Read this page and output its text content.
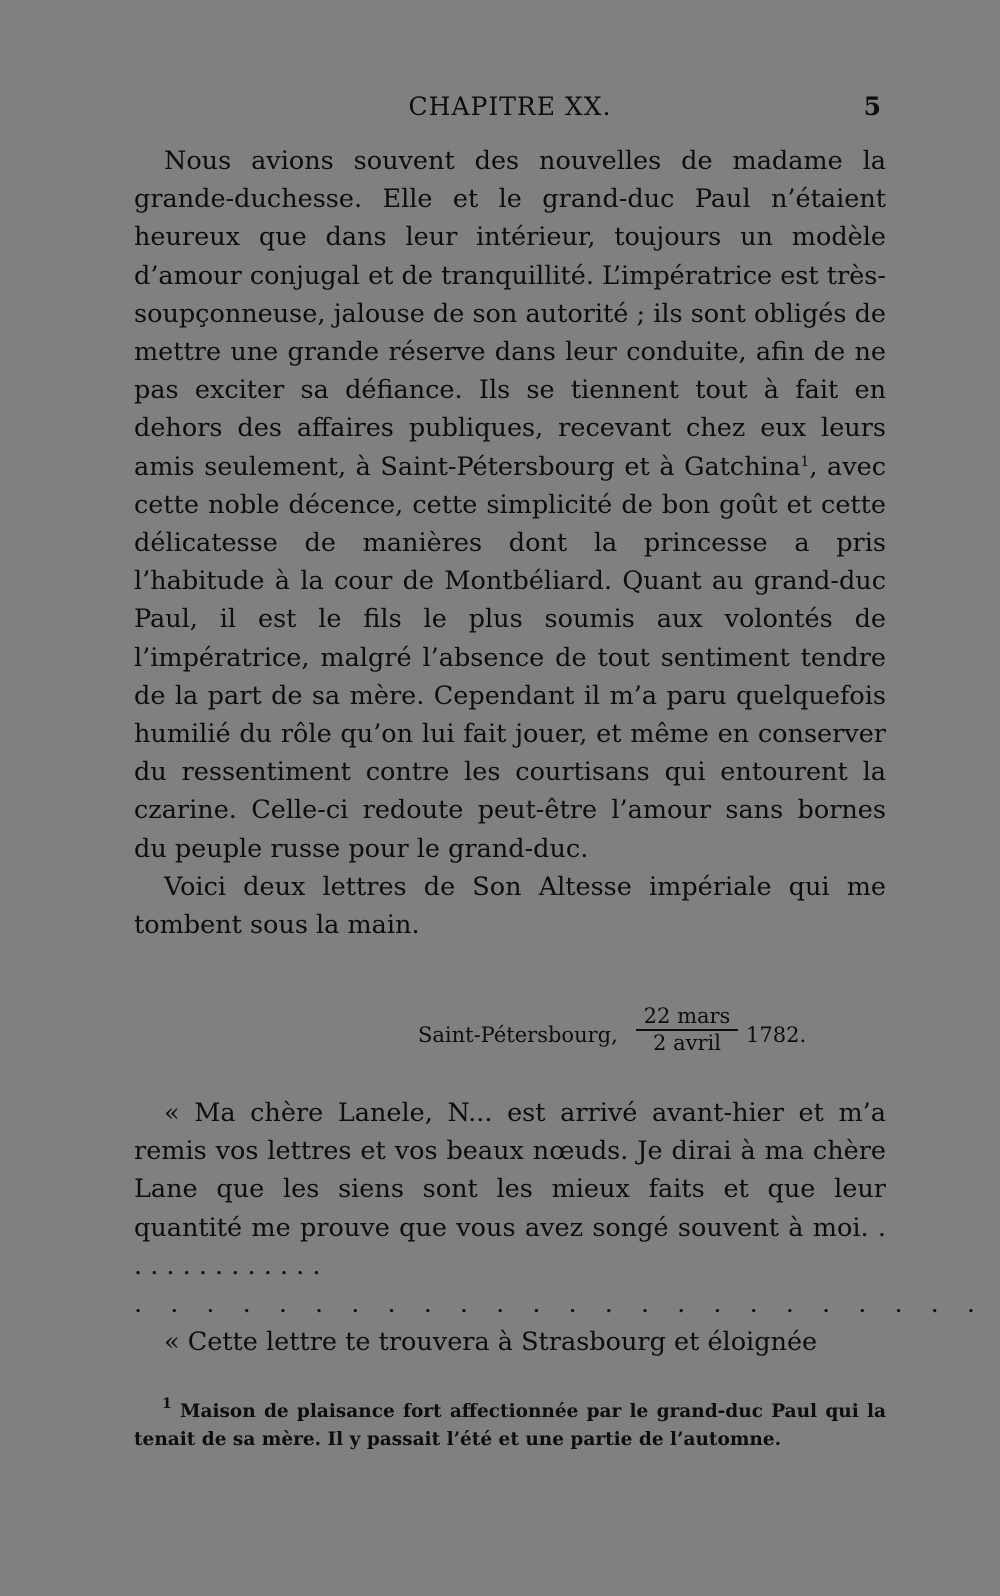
CHAPITRE XX.	5

Nous avions souvent des nouvelles de madame la grande-duchesse. Elle et le grand-duc Paul n’étaient heureux que dans leur intérieur, toujours un modèle d’amour conjugal et de tranquillité. L’impératrice est très-soupçonneuse, jalouse de son autorité ; ils sont obligés de mettre une grande réserve dans leur conduite, afin de ne pas exciter sa défiance. Ils se tiennent tout à fait en dehors des affaires publiques, recevant chez eux leurs amis seulement, à Saint-Pétersbourg et à Gatchina$^1$, avec cette noble décence, cette simplicité de bon goût et cette délicatesse de manières dont la princesse a pris l’habitude à la cour de Montbéliard. Quant au grand-duc Paul, il est le fils le plus soumis aux volontés de l’impératrice, malgré l’absence de tout sentiment tendre de la part de sa mère. Cependant il m’a paru quelquefois humilié du rôle qu’on lui fait jouer, et même en conserver du ressentiment contre les courtisans qui entourent la czarine. Celle-ci redoute peut-être l’amour sans bornes du peuple russe pour le grand-duc.

Voici deux lettres de Son Altesse impériale qui me tombent sous la main.

Saint-Pétersbourg,
22 mars
2 avril	1782.

« Ma chère Lanele, N... est arrivé avant-hier et m’a remis vos lettres et vos beaux nœuds. Je dirai à ma chère Lane que les siens sont les mieux faits et que leur quantité me prouve que vous avez songé souvent à moi. . . . . . . . . . . . . .

. . . . . . . . . . . . . . . . . . . . . . . .

« Cette lettre te trouvera à Strasbourg et éloignée

$^1$ Maison de plaisance fort affectionnée par le grand-duc Paul qui la tenait de sa mère. Il y passait l’été et une partie de l’automne.
